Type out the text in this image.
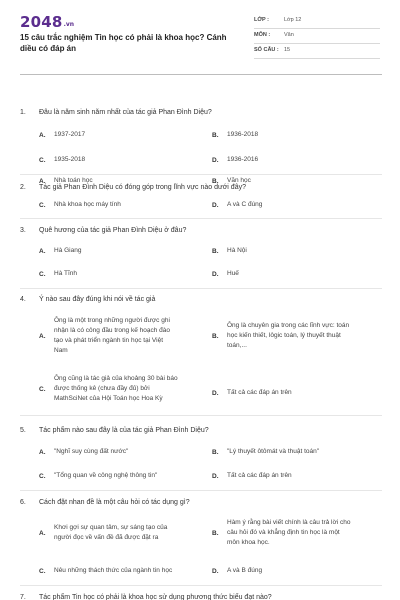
2048 .vn
15 câu trắc nghiệm Tin học có phải là khoa học? Cánh diều có đáp án
LỚP :	Lớp 12
MÔN :	Văn
SỐ CÂU : 15
1. Đâu là năm sinh năm nhất của tác giả Phan Đình Diệu?
A.	1937-2017	B.	1936-2018
C.	1935-2018	D.	1936-2016
2. Tác giả Phan Đình Diệu có đóng góp trong lĩnh vực nào dưới đây?
A.	Nhà toán học	B.	Văn học
C.	Nhà khoa học máy tính	D.	A và C đúng
3. Quê hương của tác giả Phan Đình Diệu ở đâu?
A.	Hà Giang	B.	Hà Nội
C.	Hà Tĩnh	D.	Huế
4. Ý nào sau đây đúng khi nói về tác giả
A.
Ông là một trong những người được ghi
nhận là có công đầu trong kế hoạch đào
tạo và phát triển ngành tin học tại Việt
Nam
B.
Ông là chuyên gia trong các lĩnh vực: toán
học kiến thiết, lôgic toán, lý thuyết thuật
toán,...
C.
Ông cũng là tác giả của khoảng 30 bài báo
được thống kê (chưa đầy đủ) bởi
MathSciNet của Hội Toán học Hoa Kỳ
D.	Tất cả các đáp án trên
5. Tác phẩm nào sau đây là của tác giả Phan Đình Diệu?
A.	"Nghĩ suy cùng đất nước"	B.	"Lý thuyết ôtômát và thuật toán"
C.	"Tổng quan về công nghệ thông tin"	D.	Tất cả các đáp án trên
6. Cách đặt nhan đề là một câu hỏi có tác dụng gì?
A.
Khơi gợi sự quan tâm, sự sáng tạo của
người đọc về vấn đề đã được đặt ra
B.
Hàm ý rằng bài viết chính là câu trả lời cho
câu hỏi đó và khẳng định tin học là một
môn khoa học.
C.	Nêu những thách thức của ngành tin học	D.	A và B đúng
7. Tác phẩm Tin học có phải là khoa học sử dụng phương thức biểu đạt nào?
